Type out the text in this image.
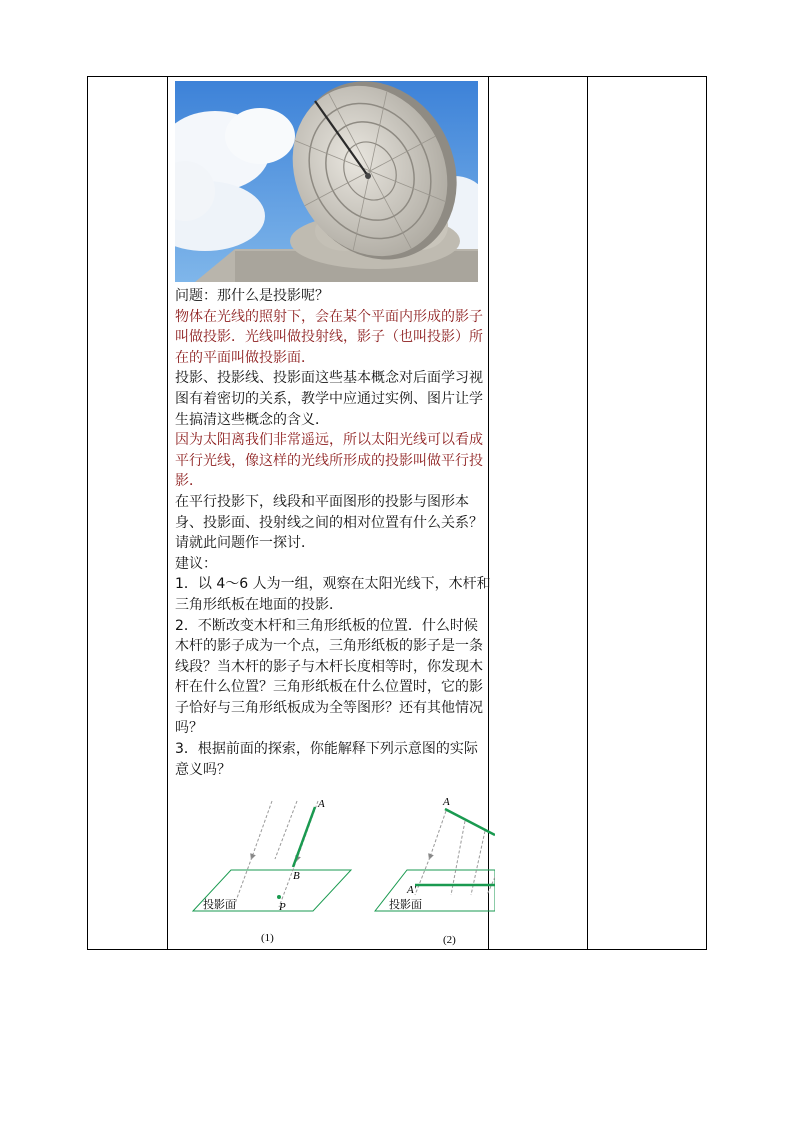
问题：那什么是投影呢？

物体在光线的照射下，会在某个平面内形成的影子叫做投影．光线叫做投射线，影子（也叫投影）所在的平面叫做投影面．

投影、投影线、投影面这些基本概念对后面学习视图有着密切的关系，教学中应通过实例、图片让学生搞清这些概念的含义．

因为太阳离我们非常遥远，所以太阳光线可以看成平行光线，像这样的光线所形成的投影叫做平行投影．

在平行投影下，线段和平面图形的投影与图形本身、投影面、投射线之间的相对位置有什么关系？请就此问题作一探讨．

建议：

1．以 4～6 人为一组，观察在太阳光线下，木杆和三角形纸板在地面的投影．

2．不断改变木杆和三角形纸板的位置．什么时候木杆的影子成为一个点，三角形纸板的影子是一条线段？当木杆的影子与木杆长度相等时，你发现木杆在什么位置？三角形纸板在什么位置时，它的影子恰好与三角形纸板成为全等图形？还有其他情况吗？

3．根据前面的探索，你能解释下列示意图的实际意义吗？

A
B
P
投影面
(1)
A
A′
投影面
(2)
